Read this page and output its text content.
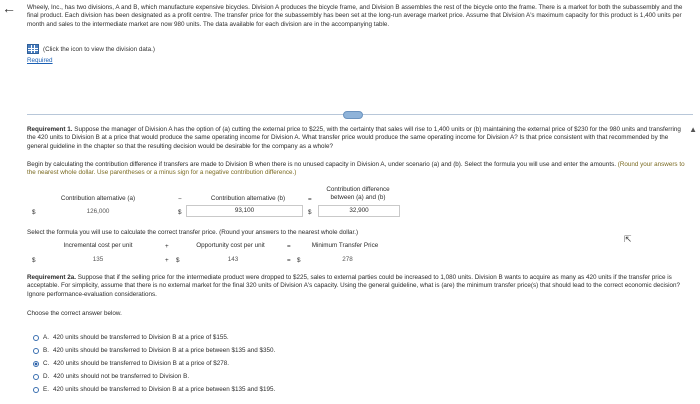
←
▲
Wheely, Inc., has two divisions, A and B, which manufacture expensive bicycles. Division A produces the bicycle frame, and Division B assembles the rest of the bicycle onto the frame. There is a market for both the subassembly and the final product. Each division has been designated as a profit centre. The transfer price for the subassembly has been set at the long-run average market price. Assume that Division A's maximum capacity for this product is 1,400 units per month and sales to the intermediate market are now 980 units. The data available for each division are in the accompanying table.
(Click the icon to view the division data.)
Required
Requirement 1. Suppose the manager of Division A has the option of (a) cutting the external price to $225, with the certainty that sales will rise to 1,400 units or (b) maintaining the external price of $230 for the 980 units and transferring the 420 units to Division B at a price that would produce the same operating income for Division A. What transfer price would produce the same operating income for Division A? Is that price consistent with that recommended by the general guideline in the chapter so that the resulting decision would be desirable for the company as a whole?
Begin by calculating the contribution difference if transfers are made to Division B when there is no unused capacity in Division A, under scenario (a) and (b). Select the formula you will use and enter the amounts. (Round your answers to the nearest whole dollar. Use parentheses or a minus sign for a negative contribution difference.)
Contribution alternative (a)	−	Contribution alternative (b)	=
Contribution difference between (a) and (b)
$	126,000	$	93,100	$	32,900
Select the formula you will use to calculate the correct transfer price. (Round your answers to the nearest whole dollar.)
Incremental cost per unit	+	Opportunity cost per unit	=	Minimum Transfer Price
$	135	+ $	143	= $	278
⇱
Requirement 2a. Suppose that if the selling price for the intermediate product were dropped to $225, sales to external parties could be increased to 1,080 units. Division B wants to acquire as many as 420 units if the transfer price is acceptable. For simplicity, assume that there is no external market for the final 320 units of Division A's capacity. Using the general guideline, what is (are) the minimum transfer price(s) that should lead to the correct economic decision? Ignore performance-evaluation considerations.
Choose the correct answer below.
A. 420 units should be transferred to Division B at a price of $155.
B. 420 units should be transferred to Division B at a price between $135 and $350.
C. 420 units should be transferred to Division B at a price of $278.
D. 420 units should not be transferred to Division B.
E. 420 units should be transferred to Division B at a price between $135 and $195.
